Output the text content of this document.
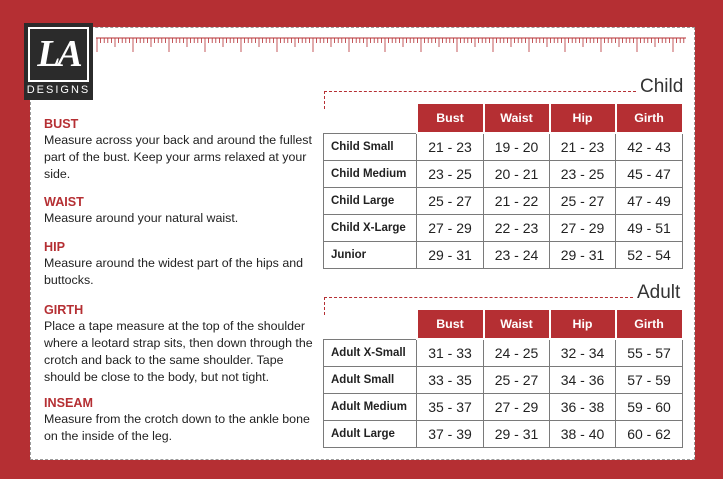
LA
DESIGNS
BUST

Measure across your back and around the fullest part of the bust. Keep your arms relaxed at your side.

WAIST

Measure around your natural waist.

HIP

Measure around the widest part of the hips and buttocks.

GIRTH

Place a tape measure at the top of the shoulder where a leotard strap sits, then down through the crotch and back to the same shoulder. Tape should be close to the body, but not tight.

INSEAM

Measure from the crotch down to the ankle bone on the inside of the leg.

Child
	Bust	Waist	Hip	Girth
Child Small	21 - 23	19 - 20	21 - 23	42 - 43
Child Medium	23 - 25	20 - 21	23 - 25	45 - 47
Child Large	25 - 27	21 - 22	25 - 27	47 - 49
Child X-Large	27 - 29	22 - 23	27 - 29	49 - 51
Junior	29 - 31	23 - 24	29 - 31	52 - 54
Adult
	Bust	Waist	Hip	Girth
Adult X-Small	31 - 33	24 - 25	32 - 34	55 - 57
Adult Small	33 - 35	25 - 27	34 - 36	57 - 59
Adult Medium	35 - 37	27 - 29	36 - 38	59 - 60
Adult Large	37 - 39	29 - 31	38 - 40	60 - 62
